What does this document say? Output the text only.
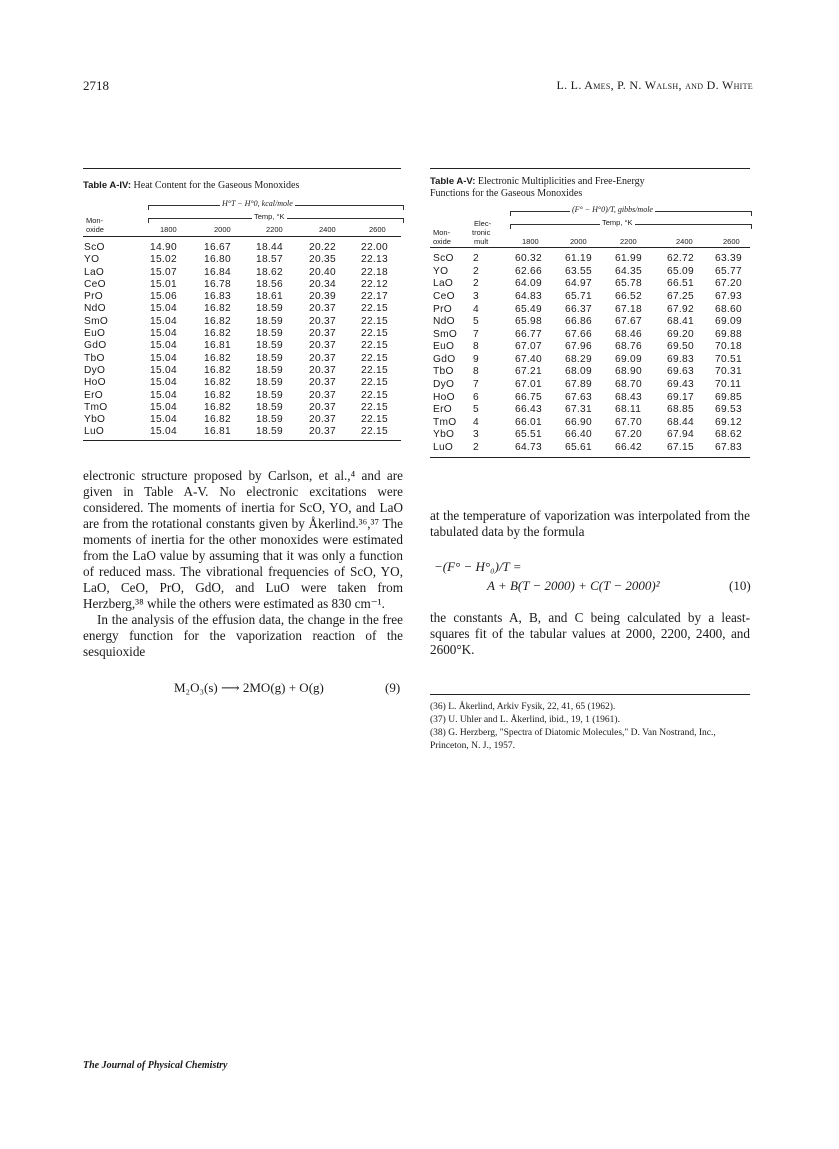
2718	L. L. Ames, P. N. Walsh, and D. White
Table A-IV: Heat Content for the Gaseous Monoxides
H°T − H°0, kcal/mole
Temp, °K
Mon-
oxide	1800	2000	2200	2400	2600
ScO	14.90	16.67	18.44	20.22	22.00
YO	15.02	16.80	18.57	20.35	22.13
LaO	15.07	16.84	18.62	20.40	22.18
CeO	15.01	16.78	18.56	20.34	22.12
PrO	15.06	16.83	18.61	20.39	22.17
NdO	15.04	16.82	18.59	20.37	22.15
SmO	15.04	16.82	18.59	20.37	22.15
EuO	15.04	16.82	18.59	20.37	22.15
GdO	15.04	16.81	18.59	20.37	22.15
TbO	15.04	16.82	18.59	20.37	22.15
DyO	15.04	16.82	18.59	20.37	22.15
HoO	15.04	16.82	18.59	20.37	22.15
ErO	15.04	16.82	18.59	20.37	22.15
TmO	15.04	16.82	18.59	20.37	22.15
YbO	15.04	16.82	18.59	20.37	22.15
LuO	15.04	16.81	18.59	20.37	22.15
Table A-V: Electronic Multiplicities and Free-Energy
Functions for the Gaseous Monoxides
(F° − H°0)/T, gibbs/mole
Temp, °K
Elec-
tronic
mult
Mon-
oxide	1800	2000	2200	2400	2600
ScO	2	60.32	61.19	61.99	62.72	63.39
YO	2	62.66	63.55	64.35	65.09	65.77
LaO	2	64.09	64.97	65.78	66.51	67.20
CeO	3	64.83	65.71	66.52	67.25	67.93
PrO	4	65.49	66.37	67.18	67.92	68.60
NdO	5	65.98	66.86	67.67	68.41	69.09
SmO	7	66.77	67.66	68.46	69.20	69.88
EuO	8	67.07	67.96	68.76	69.50	70.18
GdO	9	67.40	68.29	69.09	69.83	70.51
TbO	8	67.21	68.09	68.90	69.63	70.31
DyO	7	67.01	67.89	68.70	69.43	70.11
HoO	6	66.75	67.63	68.43	69.17	69.85
ErO	5	66.43	67.31	68.11	68.85	69.53
TmO	4	66.01	66.90	67.70	68.44	69.12
YbO	3	65.51	66.40	67.20	67.94	68.62
LuO	2	64.73	65.61	66.42	67.15	67.83

electronic structure proposed by Carlson, et al.,⁴ and are given in Table A-V. No electronic excitations were considered. The moments of inertia for ScO, YO, and LaO are from the rotational constants given by Åkerlind.³⁶,³⁷ The moments of inertia for the other monoxides were estimated from the LaO value by assuming that it was only a function of reduced mass. The vibrational frequencies of ScO, YO, LaO, CeO, PrO, GdO, and LuO were taken from Herzberg,³⁸ while the others were estimated as 830 cm⁻¹.

In the analysis of the effusion data, the change in the free energy function for the vaporization reaction of the sesquioxide

M₂O₃(s) ⟶ 2MO(g) + O(g)	(9)
at the temperature of vaporization was interpolated from the tabulated data by the formula
−(F° − H°₀)/T =
A + B(T − 2000) + C(T − 2000)²	(10)
the constants A, B, and C being calculated by a least-squares fit of the tabular values at 2000, 2200, 2400, and 2600°K.
(36) L. Åkerlind, Arkiv Fysik, 22, 41, 65 (1962).
(37) U. Uhler and L. Åkerlind, ibid., 19, 1 (1961).
(38) G. Herzberg, "Spectra of Diatomic Molecules," D. Van Nostrand, Inc., Princeton, N. J., 1957.
The Journal of Physical Chemistry
